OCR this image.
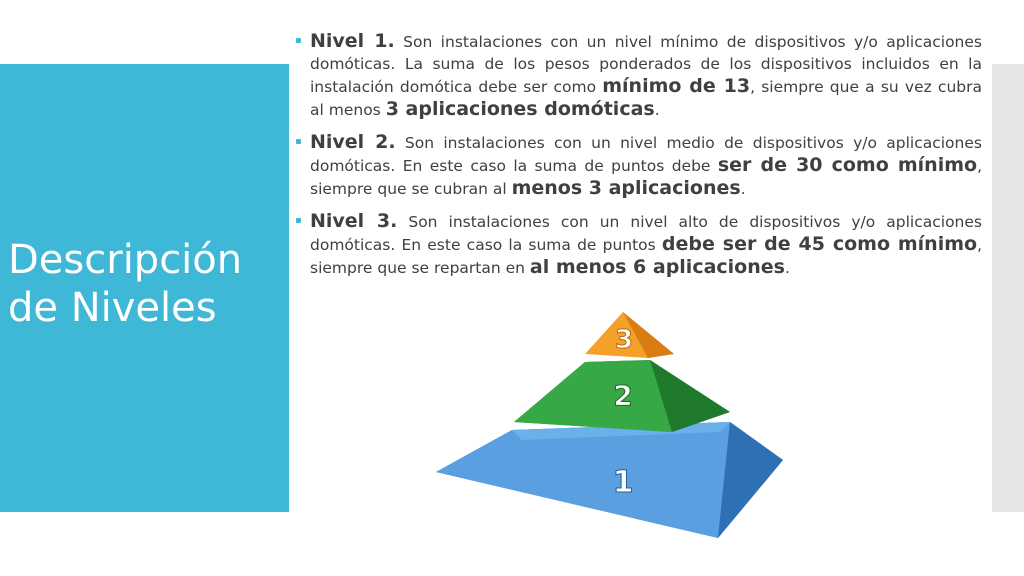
Descripción de Niveles
Nivel 1. Son instalaciones con un nivel mínimo de dispositivos y/o aplicaciones domóticas. La suma de los pesos ponderados de los dispositivos incluidos en la instalación domótica debe ser como mínimo de 13, siempre que a su vez cubra al menos 3 aplicaciones domóticas.
Nivel 2. Son instalaciones con un nivel medio de dispositivos y/o aplicaciones domóticas. En este caso la suma de puntos debe ser de 30 como mínimo, siempre que se cubran al menos 3 aplicaciones.
Nivel 3. Son instalaciones con un nivel alto de dispositivos y/o aplicaciones domóticas. En este caso la suma de puntos debe ser de 45 como mínimo, siempre que se repartan en al menos 6 aplicaciones.
1
2
3
